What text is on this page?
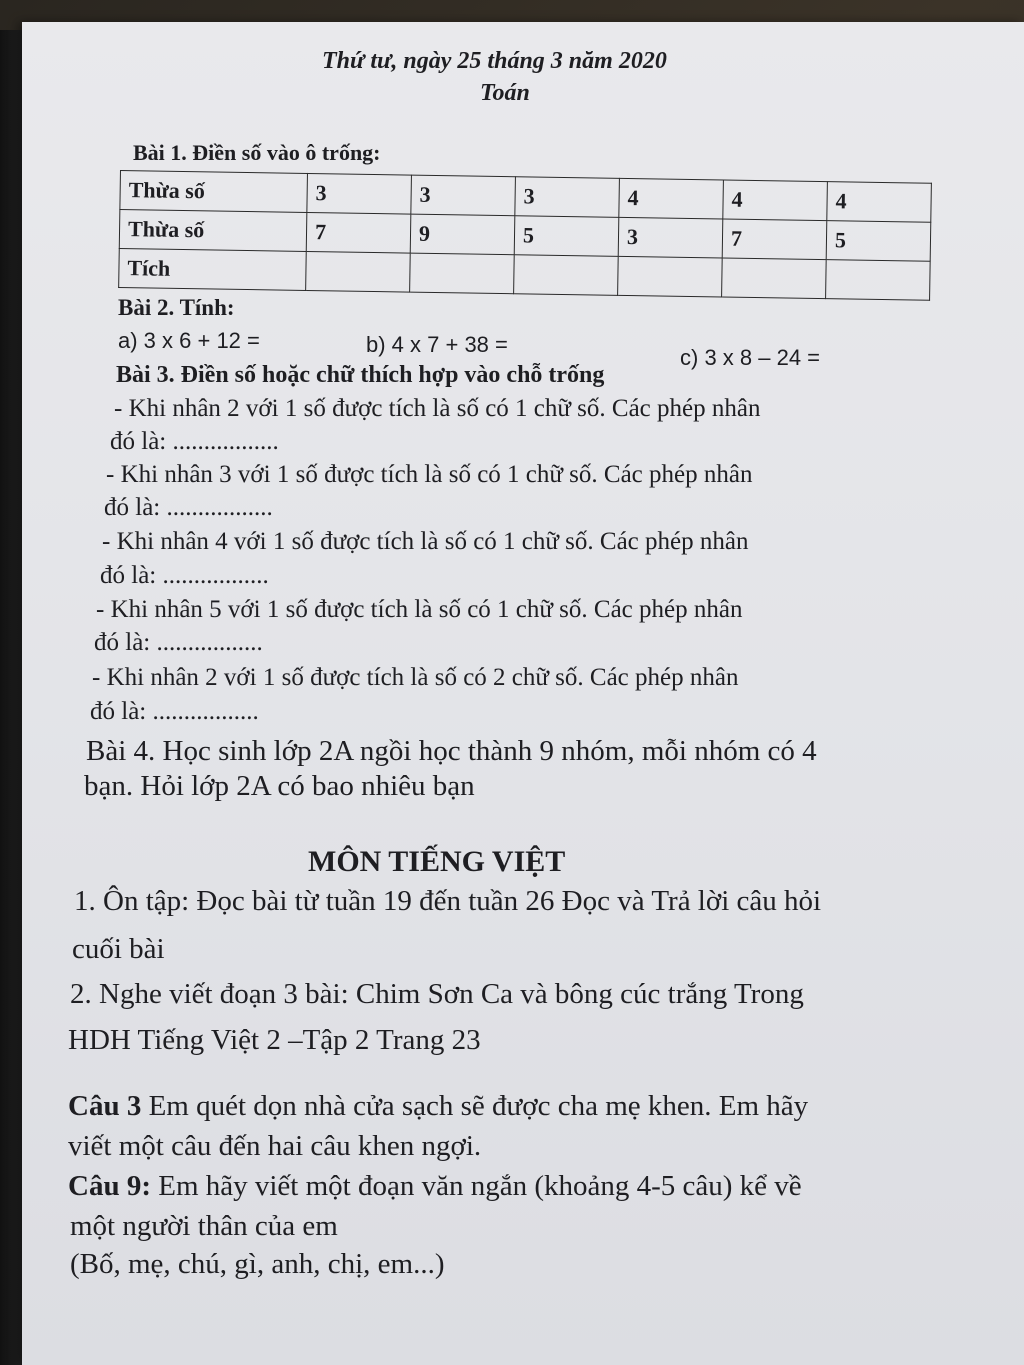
Thứ tư, ngày 25 tháng 3 năm 2020
Toán
Bài 1. Điền số vào ô trống:
Thừa số	3	3	3	4	4	4
Thừa số	7	9	5	3	7	5
Tích						
Bài 2. Tính:
a) 3 x 6 + 12 =	b) 4 x 7 + 38 =
c) 3 x 8 – 24 =
Bài 3. Điền số hoặc chữ thích hợp vào chỗ trống
- Khi nhân 2 với 1 số được tích là số có 1 chữ số. Các phép nhân
đó là: .................
- Khi nhân 3 với 1 số được tích là số có 1 chữ số. Các phép nhân
đó là: .................
- Khi nhân 4 với 1 số được tích là số có 1 chữ số. Các phép nhân
đó là: .................
- Khi nhân 5 với 1 số được tích là số có 1 chữ số. Các phép nhân
đó là: .................
- Khi nhân 2 với 1 số được tích là số có 2 chữ số. Các phép nhân
đó là: .................
Bài 4. Học sinh lớp 2A ngồi học thành 9 nhóm, mỗi nhóm có 4
bạn. Hỏi lớp 2A có bao nhiêu bạn
MÔN TIẾNG VIỆT
1. Ôn tập: Đọc bài từ tuần 19 đến tuần 26 Đọc và Trả lời câu hỏi
cuối bài
2. Nghe viết đoạn 3 bài: Chim Sơn Ca và bông cúc trắng Trong
HDH Tiếng Việt 2 –Tập 2 Trang 23
Câu 3 Em quét dọn nhà cửa sạch sẽ được cha mẹ khen. Em hãy
viết một câu đến hai câu khen ngợi.
Câu 9: Em hãy viết một đoạn văn ngắn (khoảng 4-5 câu) kể về
một người thân của em
(Bố, mẹ, chú, gì, anh, chị, em...)
